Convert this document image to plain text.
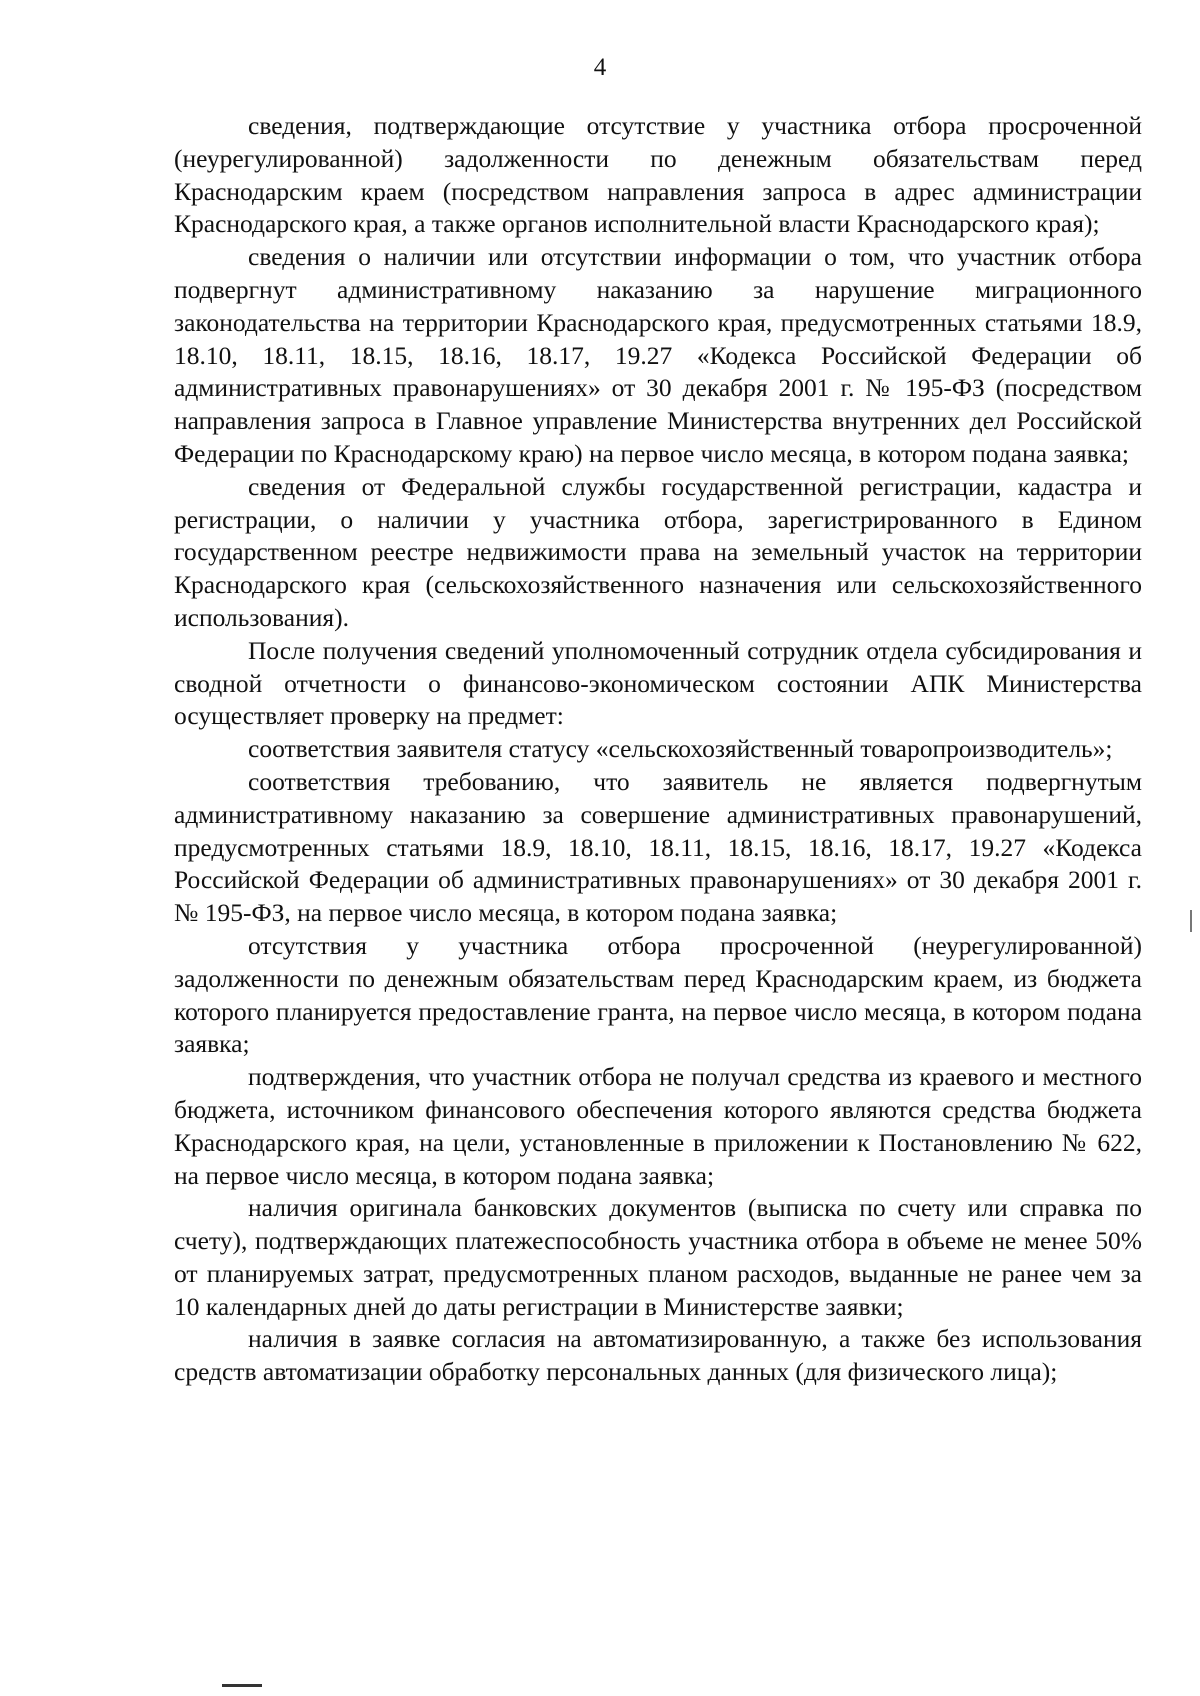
4

сведения, подтверждающие отсутствие у участника отбора просроченной (неурегулированной) задолженности по денежным обязательствам перед Краснодарским краем (посредством направления запроса в адрес администрации Краснодарского края, а также органов исполнительной власти Краснодарского края);

сведения о наличии или отсутствии информации о том, что участник отбора подвергнут административному наказанию за нарушение миграционного законодательства на территории Краснодарского края, предусмотренных статьями 18.9, 18.10, 18.11, 18.15, 18.16, 18.17, 19.27 «Кодекса Российской Федерации об административных правонарушениях» от 30 декабря 2001 г. № 195-ФЗ (посредством направления запроса в Главное управление Министерства внутренних дел Российской Федерации по Краснодарскому краю) на первое число месяца, в котором подана заявка;

сведения от Федеральной службы государственной регистрации, кадастра и регистрации, о наличии у участника отбора, зарегистрированного в Едином государственном реестре недвижимости права на земельный участок на территории Краснодарского края (сельскохозяйственного назначения или сельскохозяйственного использования).

После получения сведений уполномоченный сотрудник отдела субсидирования и сводной отчетности о финансово-экономическом состоянии АПК Министерства осуществляет проверку на предмет:

соответствия заявителя статусу «сельскохозяйственный товаропроизводитель»;

соответствия требованию, что заявитель не является подвергнутым административному наказанию за совершение административных правонарушений, предусмотренных статьями 18.9, 18.10, 18.11, 18.15, 18.16, 18.17, 19.27 «Кодекса Российской Федерации об административных правонарушениях» от 30 декабря 2001 г. № 195-ФЗ, на первое число месяца, в котором подана заявка;

отсутствия у участника отбора просроченной (неурегулированной) задолженности по денежным обязательствам перед Краснодарским краем, из бюджета которого планируется предоставление гранта, на первое число месяца, в котором подана заявка;

подтверждения, что участник отбора не получал средства из краевого и местного бюджета, источником финансового обеспечения которого являются средства бюджета Краснодарского края, на цели, установленные в приложении к Постановлению № 622, на первое число месяца, в котором подана заявка;

наличия оригинала банковских документов (выписка по счету или справка по счету), подтверждающих платежеспособность участника отбора в объеме не менее 50% от планируемых затрат, предусмотренных планом расходов, выданные не ранее чем за 10 календарных дней до даты регистрации в Министерстве заявки;

наличия в заявке согласия на автоматизированную, а также без использования средств автоматизации обработку персональных данных (для физического лица);
